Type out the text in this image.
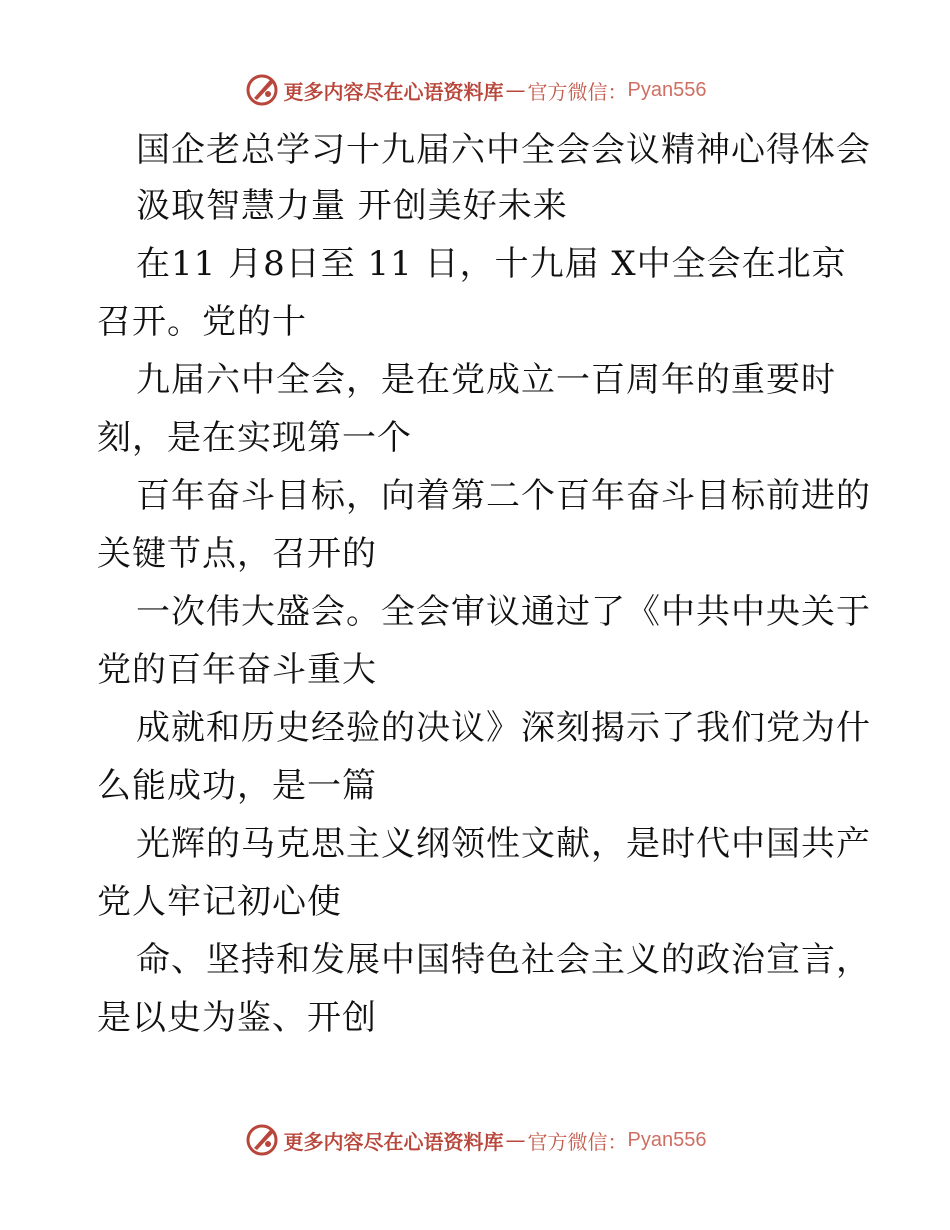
更多内容尽在心语资料库 — 官方微信： Pyan556
国企老总学习十九届六中全会会议精神心得体会
汲取智慧力量 开创美好未来
在11 月8日至 11 日，十九届 X中全会在北京
召开。党的十
九届六中全会，是在党成立一百周年的重要时
刻，是在实现第一个
百年奋斗目标，向着第二个百年奋斗目标前进的
关键节点，召开的
一次伟大盛会。全会审议通过了《中共中央关于
党的百年奋斗重大
成就和历史经验的决议》深刻揭示了我们党为什
么能成功，是一篇
光辉的马克思主义纲领性文献，是时代中国共产
党人牢记初心使
命、坚持和发展中国特色社会主义的政治宣言，
是以史为鉴、开创
更多内容尽在心语资料库 — 官方微信： Pyan556
